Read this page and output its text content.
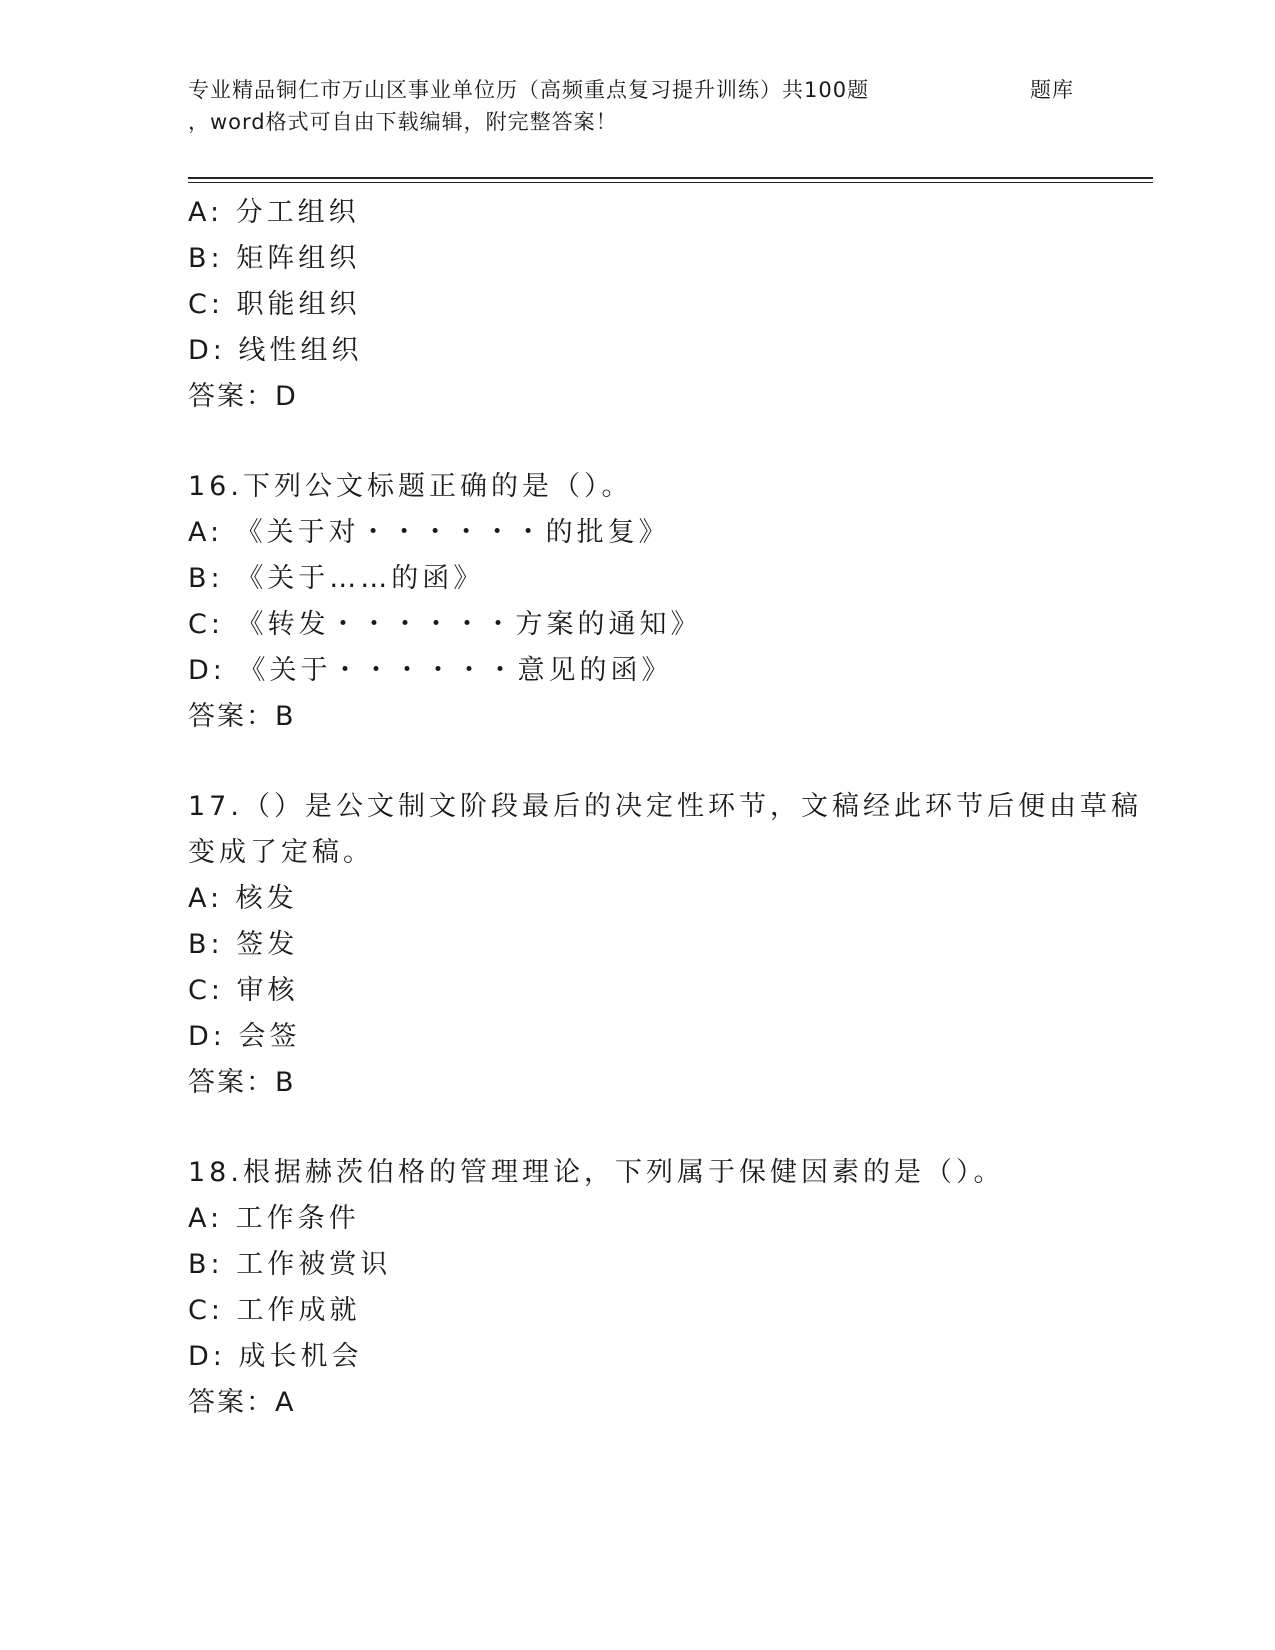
专业精品铜仁市万山区事业单位历（高频重点复习提升训练）共100题	题库
，word格式可自由下载编辑，附完整答案！
A: 分工组织
B: 矩阵组织
C: 职能组织
D: 线性组织
答案：D
16.下列公文标题正确的是（）。
A: 《关于对・・・・・・的批复》
B: 《关于……的函》
C: 《转发・・・・・・方案的通知》
D: 《关于・・・・・・意见的函》
答案：B
17.（）是公文制文阶段最后的决定性环节，文稿经此环节后便由草稿
变成了定稿。
A: 核发
B: 签发
C: 审核
D: 会签
答案：B
18.根据赫茨伯格的管理理论，下列属于保健因素的是（）。
A: 工作条件
B: 工作被赏识
C: 工作成就
D: 成长机会
答案：A
